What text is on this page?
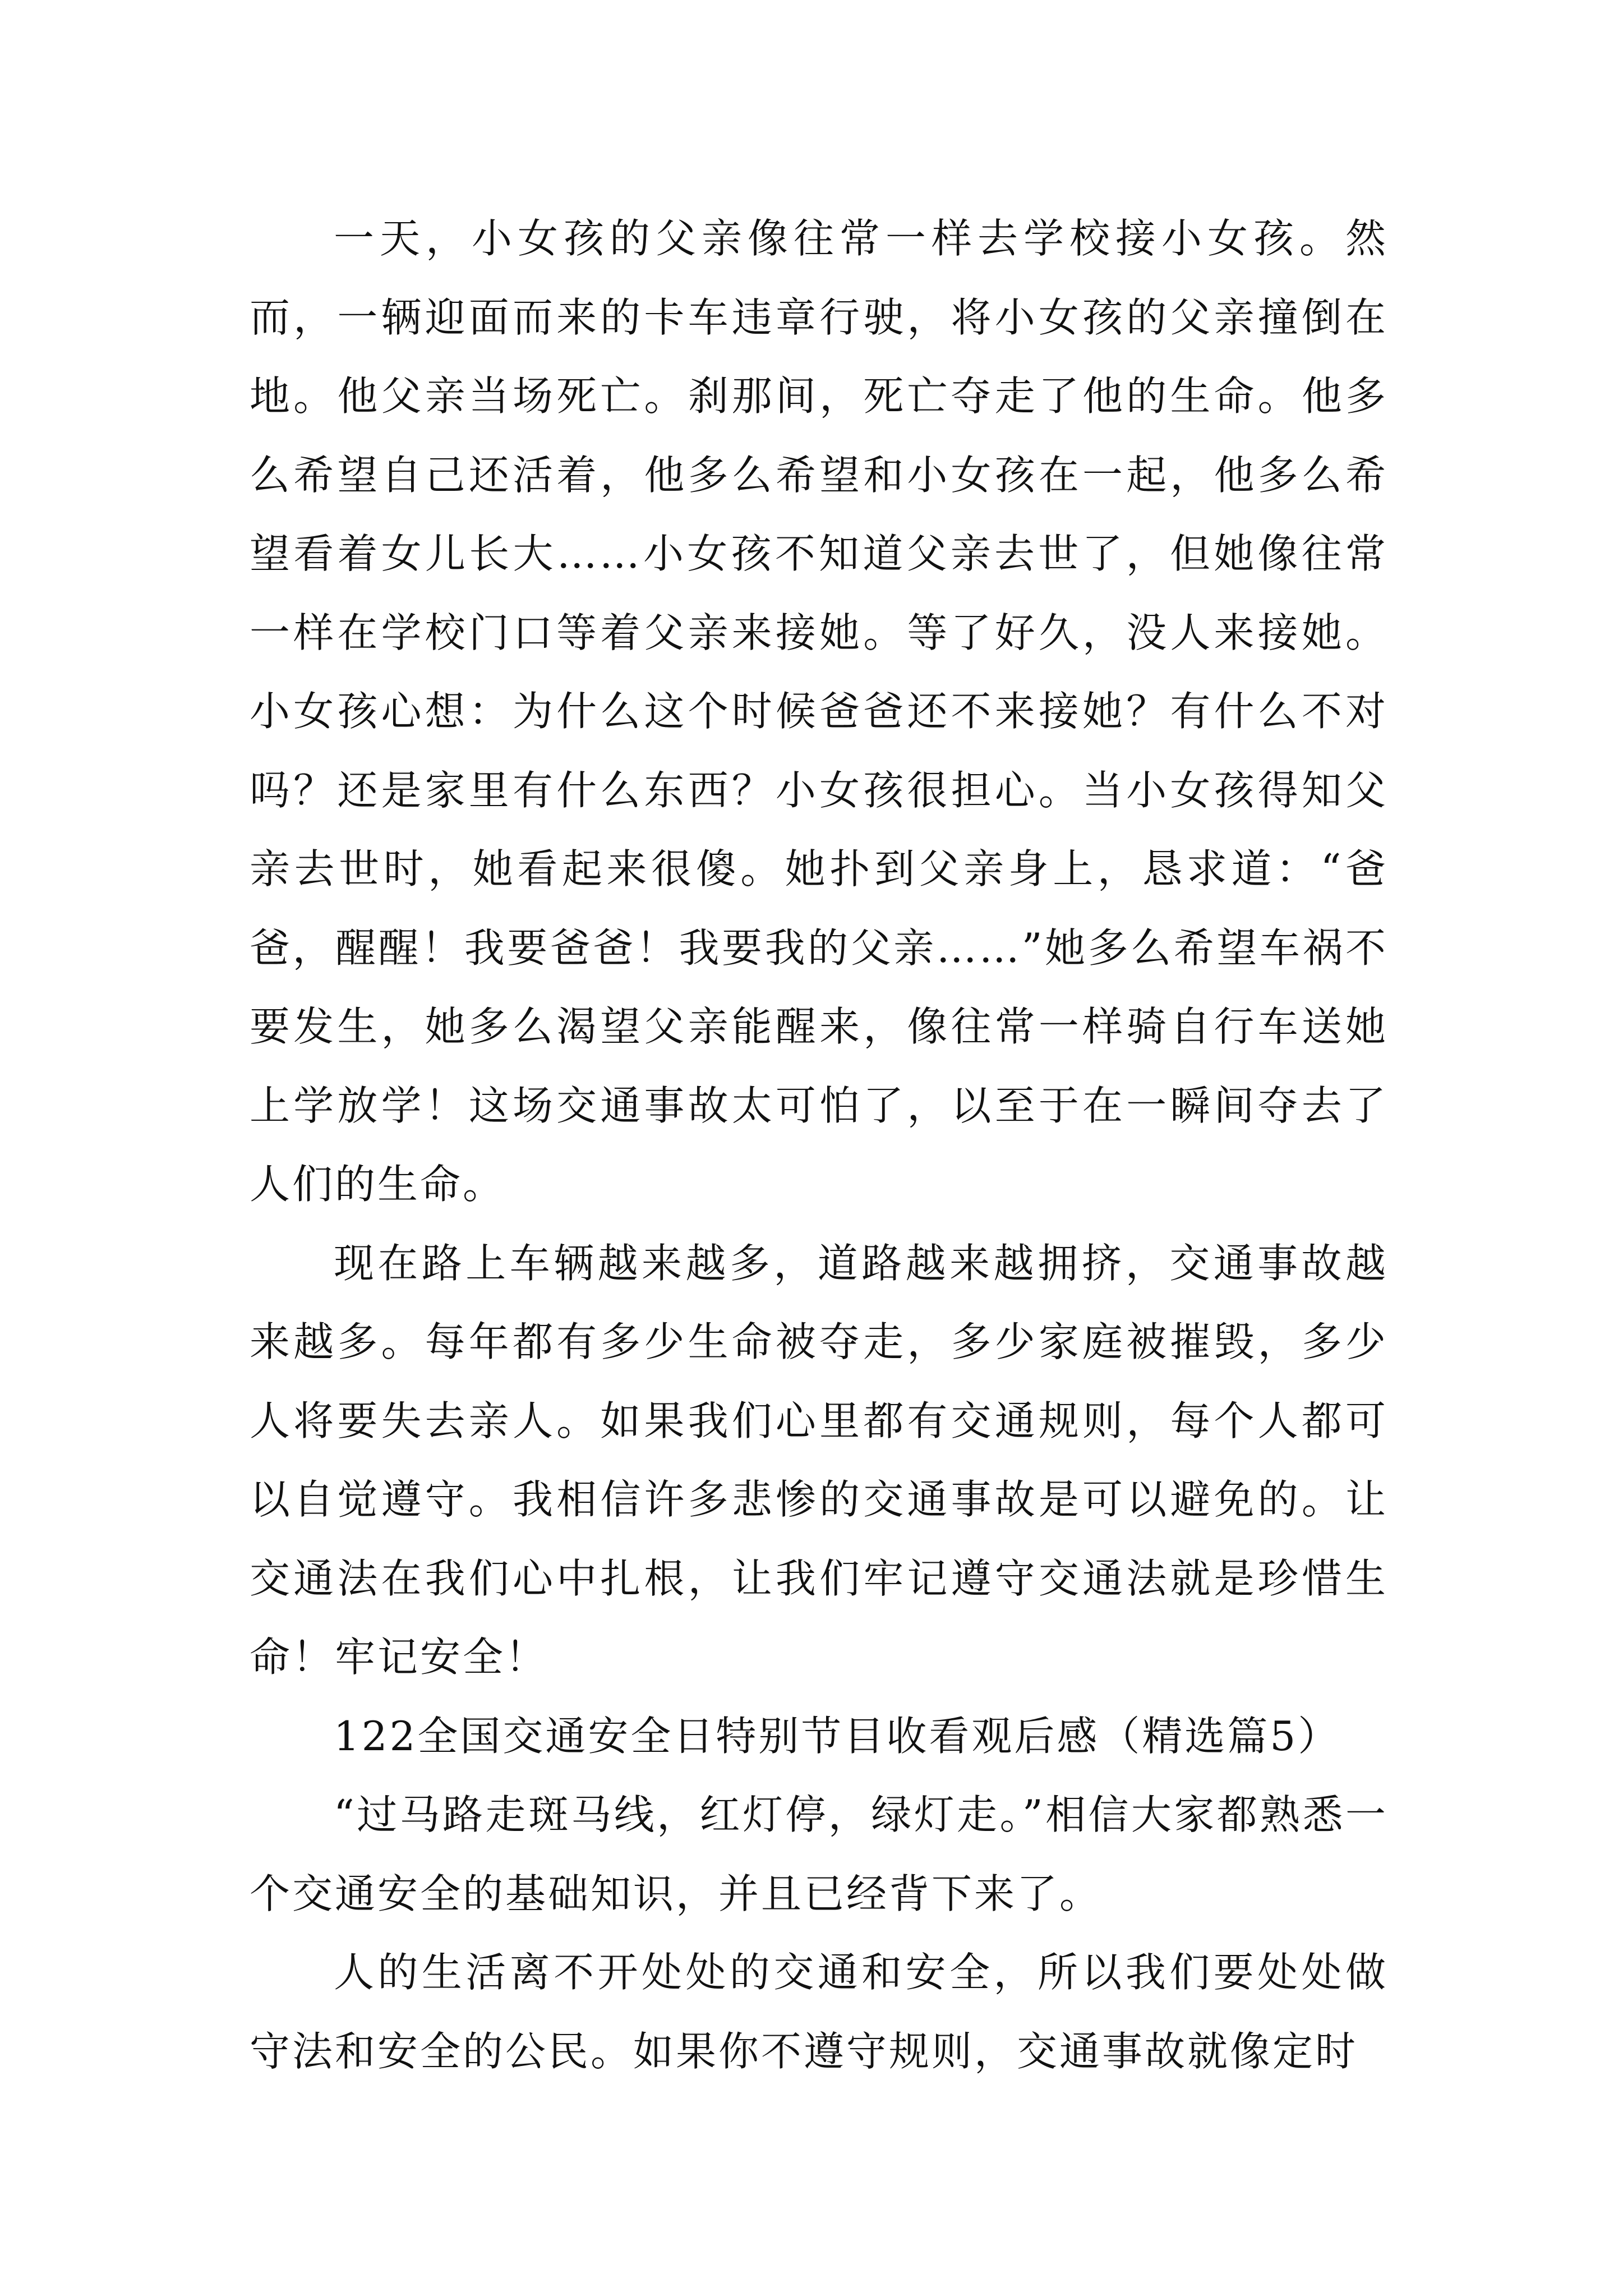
一天，小女孩的父亲像往常一样去学校接小女孩。然而，一辆迎面而来的卡车违章行驶，将小女孩的父亲撞倒在地。他父亲当场死亡。刹那间，死亡夺走了他的生命。他多么希望自己还活着，他多么希望和小女孩在一起，他多么希望看着女儿长大……小女孩不知道父亲去世了，但她像往常一样在学校门口等着父亲来接她。等了好久，没人来接她。小女孩心想：为什么这个时候爸爸还不来接她？有什么不对吗？还是家里有什么东西？小女孩很担心。当小女孩得知父亲去世时，她看起来很傻。她扑到父亲身上，恳求道：“爸爸，醒醒！我要爸爸！我要我的父亲……”她多么希望车祸不要发生，她多么渴望父亲能醒来，像往常一样骑自行车送她上学放学！这场交通事故太可怕了，以至于在一瞬间夺去了人们的生命。

现在路上车辆越来越多，道路越来越拥挤，交通事故越来越多。每年都有多少生命被夺走，多少家庭被摧毁，多少人将要失去亲人。如果我们心里都有交通规则，每个人都可以自觉遵守。我相信许多悲惨的交通事故是可以避免的。让交通法在我们心中扎根，让我们牢记遵守交通法就是珍惜生命！牢记安全！

122全国交通安全日特别节目收看观后感（精选篇5）

“过马路走斑马线，红灯停，绿灯走。”相信大家都熟悉一个交通安全的基础知识，并且已经背下来了。

人的生活离不开处处的交通和安全，所以我们要处处做守法和安全的公民。如果你不遵守规则，交通事故就像定时
